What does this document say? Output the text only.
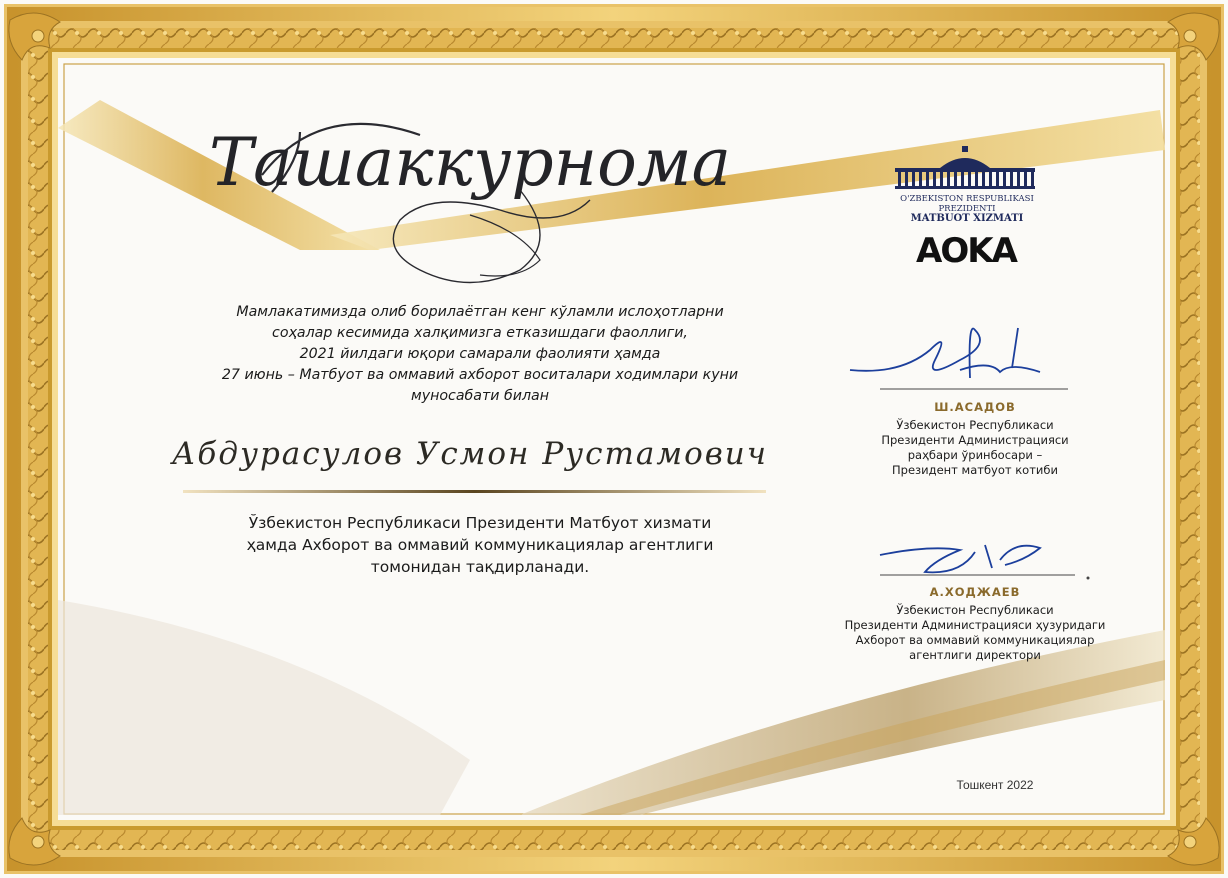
Ташаккурнома
AOKA
O'ZBEKISTON RESPUBLIKASI PREZIDENTI
MATBUOT XIZMATI
Мамлакатимизда олиб борилаётган кенг кўламли ислоҳотларни
соҳалар кесимида халқимизга етказишдаги фаоллиги,
2021 йилдаги юқори самарали фаолияти ҳамда
27 июнь – Матбуот ва оммавий ахборот воситалари ходимлари куни
муносабати билан
Абдурасулов Усмон Рустамович
Ўзбекистон Республикаси Президенти Матбуот хизмати
ҳамда Ахборот ва оммавий коммуникациялар агентлиги
томонидан тақдирланади.
Ш.АСАДОВ
Ўзбекистон Республикаси
Президенти Администрацияси
раҳбари ўринбосари –
Президент матбуот котиби
А.ХОДЖАЕВ
Ўзбекистон Республикаси
Президенти Администрацияси ҳузуридаги
Ахборот ва оммавий коммуникациялар
агентлиги директори
Тошкент 2022
